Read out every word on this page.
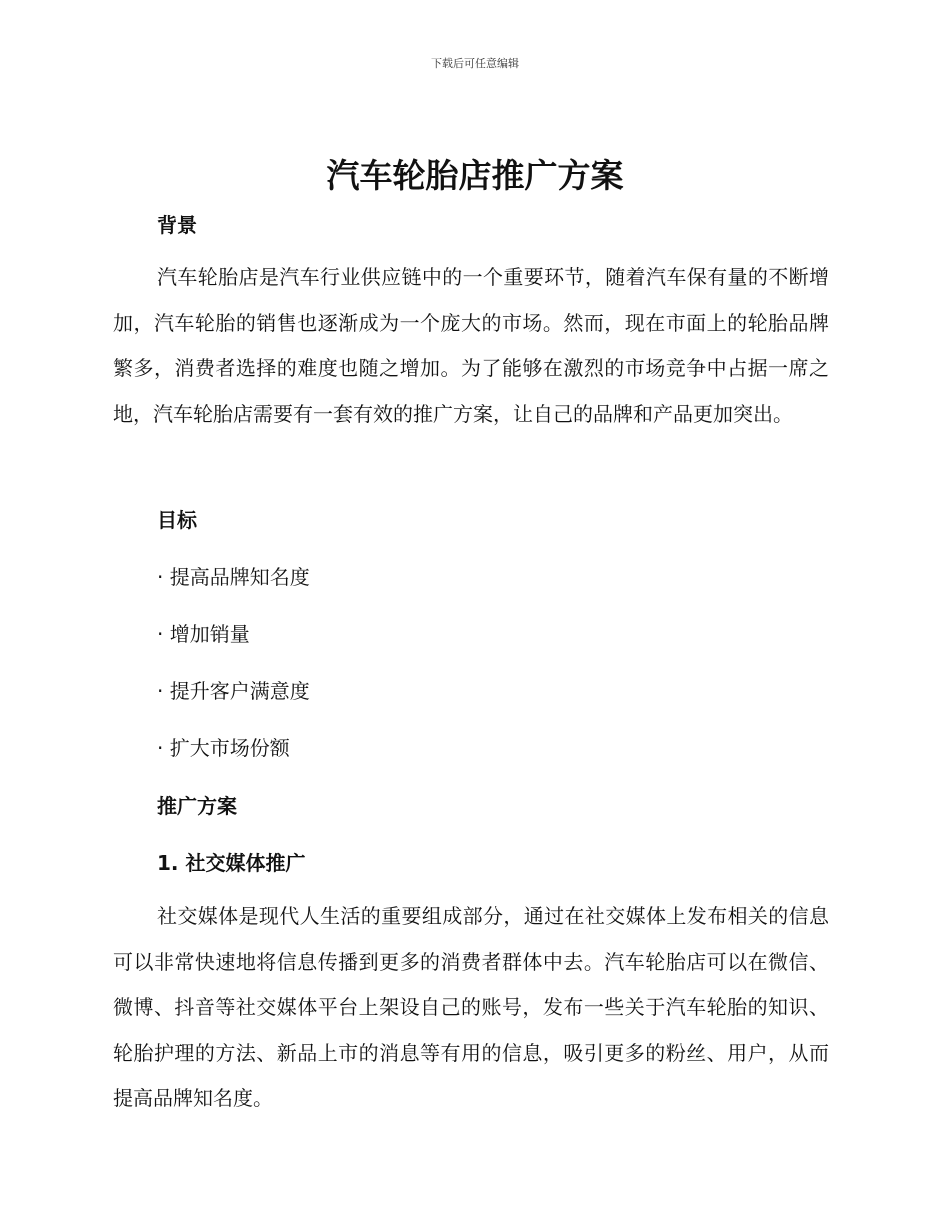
下载后可任意编辑
汽车轮胎店推广方案
背景

汽车轮胎店是汽车行业供应链中的一个重要环节，随着汽车保有量的不断增加，汽车轮胎的销售也逐渐成为一个庞大的市场。然而，现在市面上的轮胎品牌繁多，消费者选择的难度也随之增加。为了能够在激烈的市场竞争中占据一席之地，汽车轮胎店需要有一套有效的推广方案，让自己的品牌和产品更加突出。

目标

· 提高品牌知名度

· 增加销量

· 提升客户满意度

· 扩大市场份额

推广方案
1. 社交媒体推广

社交媒体是现代人生活的重要组成部分，通过在社交媒体上发布相关的信息可以非常快速地将信息传播到更多的消费者群体中去。汽车轮胎店可以在微信、微博、抖音等社交媒体平台上架设自己的账号，发布一些关于汽车轮胎的知识、轮胎护理的方法、新品上市的消息等有用的信息，吸引更多的粉丝、用户，从而提高品牌知名度。
